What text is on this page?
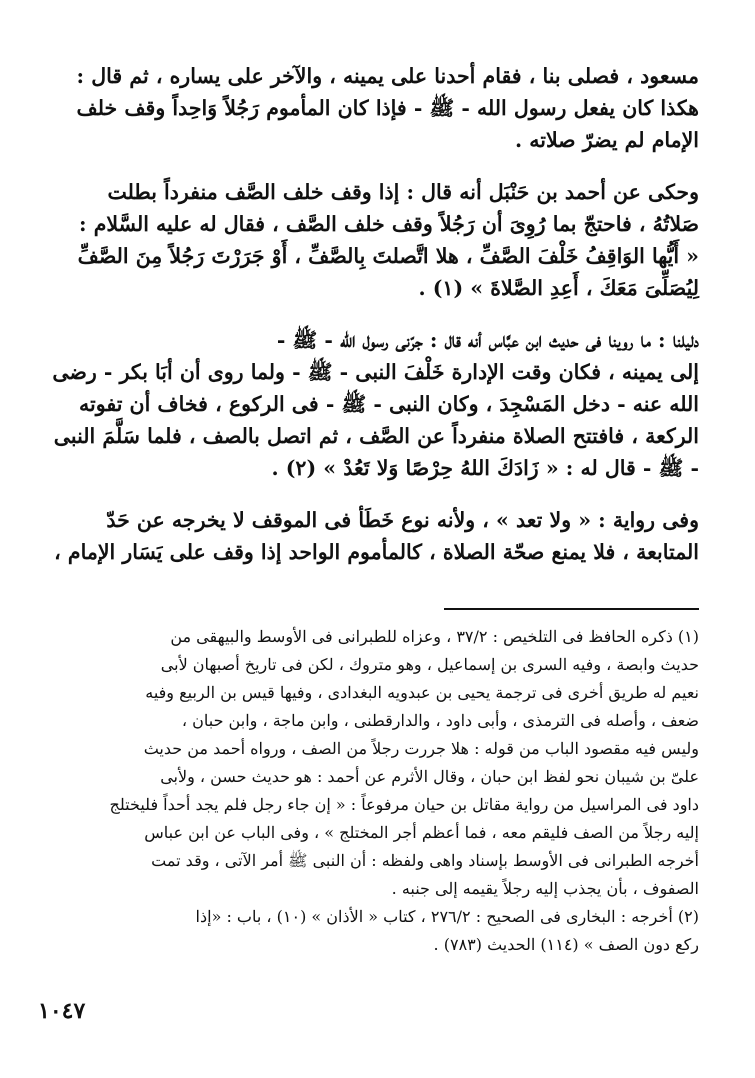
مسعود ، فصلى بنا ، فقام أحدنا على يمينه ، والآخر على يساره ، ثم قال :
هكذا كان يفعل رسول الله - ﷺ - فإذا كان المأموم رَجُلاً وَاحِداً وقف خلف
الإمام لم يضرّ صلاته .

وحكى عن أحمد بن حَنْبَل أنه قال : إذا وقف خلف الصَّف منفرداً بطلت
صَلاتُهُ ، فاحتجّ بما رُوِىَ أن رَجُلاً وقف خلف الصَّف ، فقال له عليه السَّلام :
« أَيُّها الوَاقِفُ خَلْفَ الصَّفِّ ، هلا اتَّصلتَ بِالصَّفِّ ، أَوْ جَرَرْتَ رَجُلاً مِنَ الصَّفِّ
لِيُصَلِّىَ مَعَكَ ، أَعِدِ الصَّلاةَ » (١) .

دليلنا : ما روينا فى حديث ابن عبَّاس أنه قال : جرّنى رسول الله - ﷺ -
إلى يمينه ، فكان وقت الإدارة خَلْفَ النبى - ﷺ - ولما روى أن أبَا بكر - رضى
الله عنه - دخل المَسْجِدَ ، وكان النبى - ﷺ - فى الركوع ، فخاف أن تفوته
الركعة ، فافتتح الصلاة منفرداً عن الصَّف ، ثم اتصل بالصف ، فلما سَلَّمَ النبى
- ﷺ - قال له : « زَادَكَ اللهُ حِرْصًا وَلا تَعُدْ » (٢) .

وفى رواية : « ولا تعد » ، ولأنه نوع خَطَأ فى الموقف لا يخرجه عن حَدّ
المتابعة ، فلا يمنع صحّة الصلاة ، كالمأموم الواحد إذا وقف على يَسَار الإمام ،

(١) ذكره الحافظ فى التلخيص : ٣٧/٢ ، وعزاه للطبرانى فى الأوسط والبيهقى من
حديث وابصة ، وفيه السرى بن إسماعيل ، وهو متروك ، لكن فى تاريخ أصبهان لأبى
نعيم له طريق أخرى فى ترجمة يحيى بن عبدويه البغدادى ، وفيها قيس بن الربيع وفيه
ضعف ، وأصله فى الترمذى ، وأبى داود ، والدارقطنى ، وابن ماجة ، وابن حبان ،
وليس فيه مقصود الباب من قوله : هلا جررت رجلاً من الصف ، ورواه أحمد من حديث
علىّ بن شيبان نحو لفظ ابن حبان ، وقال الأثرم عن أحمد : هو حديث حسن ، ولأبى
داود فى المراسيل من رواية مقاتل بن حيان مرفوعاً : « إن جاء رجل فلم يجد أحداً فليختلج
إليه رجلاً من الصف فليقم معه ، فما أعظم أجر المختلج » ، وفى الباب عن ابن عباس
أخرجه الطبرانى فى الأوسط بإسناد واهى ولفظه : أن النبى ﷺ أمر الآتى ، وقد تمت
الصفوف ، بأن يجذب إليه رجلاً يقيمه إلى جنبه .

(٢) أخرجه : البخارى فى الصحيح : ٢٧٦/٢ ، كتاب « الأذان » (١٠) ، باب : «إذا
ركع دون الصف » (١١٤) الحديث (٧٨٣) .

١٠٤٧
